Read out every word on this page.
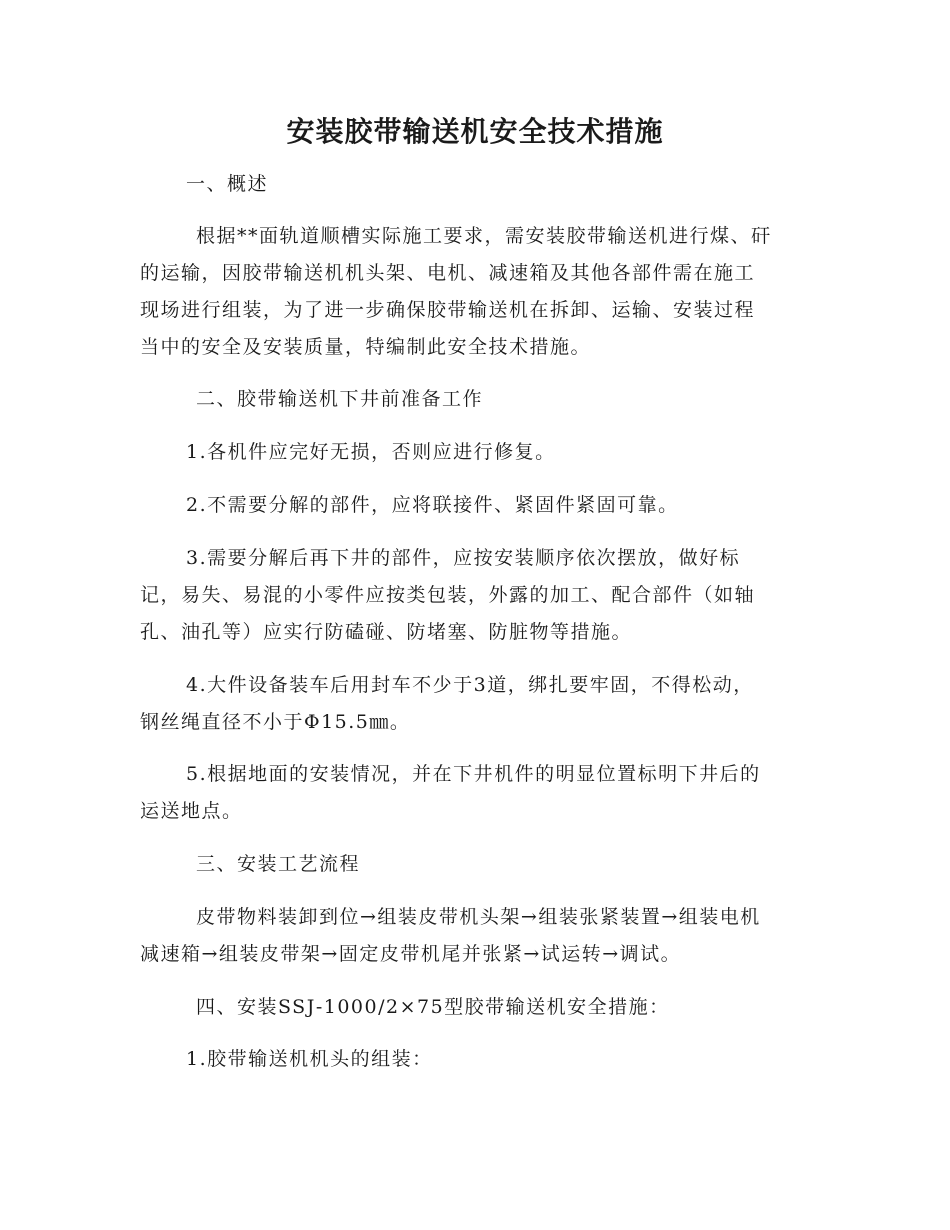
安装胶带输送机安全技术措施

一、概述

根据**面轨道顺槽实际施工要求，需安装胶带输送机进行煤、矸

的运输，因胶带输送机机头架、电机、减速箱及其他各部件需在施工

现场进行组装，为了进一步确保胶带输送机在拆卸、运输、安装过程

当中的安全及安装质量，特编制此安全技术措施。

二、胶带输送机下井前准备工作

1.各机件应完好无损，否则应进行修复。

2.不需要分解的部件，应将联接件、紧固件紧固可靠。

3.需要分解后再下井的部件，应按安装顺序依次摆放，做好标

记，易失、易混的小零件应按类包装，外露的加工、配合部件（如轴

孔、油孔等）应实行防磕碰、防堵塞、防脏物等措施。

4.大件设备装车后用封车不少于3道，绑扎要牢固，不得松动，

钢丝绳直径不小于Φ15.5㎜。

5.根据地面的安装情况，并在下井机件的明显位置标明下井后的

运送地点。

三、安装工艺流程

皮带物料装卸到位→组装皮带机头架→组装张紧装置→组装电机

减速箱→组装皮带架→固定皮带机尾并张紧→试运转→调试。

四、安装SSJ-1000/2×75型胶带输送机安全措施：

1.胶带输送机机头的组装：
